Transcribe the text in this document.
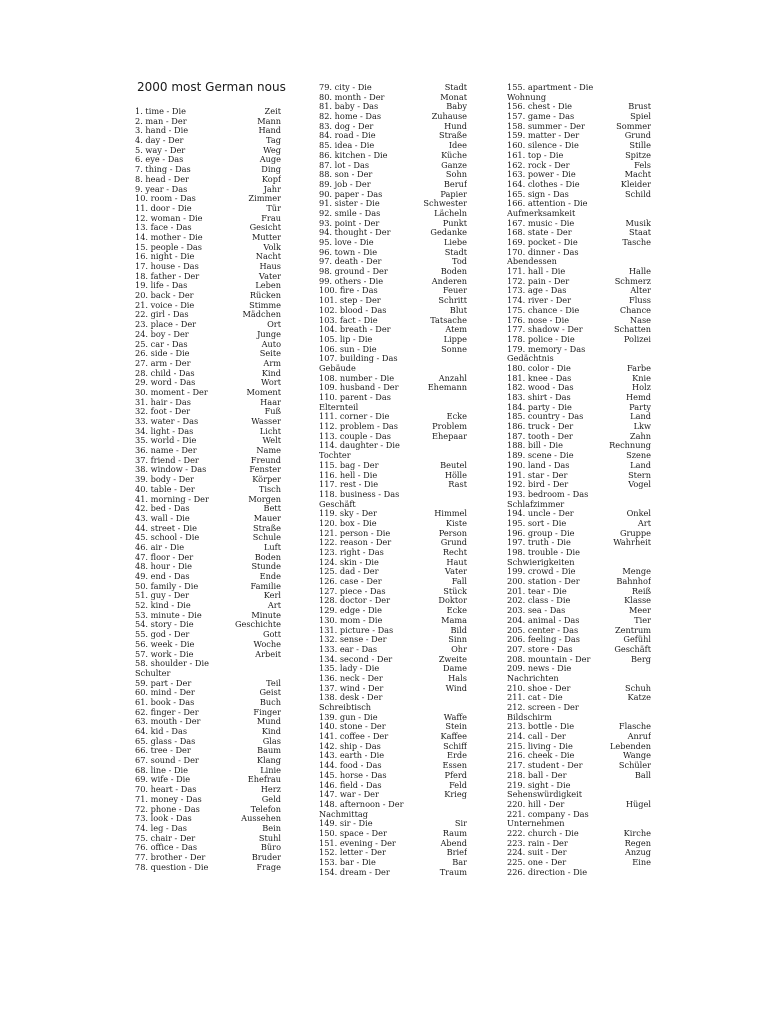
2000 most German nous
1. time - Die	Zeit
2. man - Der	Mann
3. hand - Die	Hand
4. day - Der	Tag
5. way - Der	Weg
6. eye - Das	Auge
7. thing - Das	Ding
8. head - Der	Kopf
9. year - Das	Jahr
10. room - Das	Zimmer
11. door - Die	Tür
12. woman - Die	Frau
13. face - Das	Gesicht
14. mother - Die	Mutter
15. people - Das	Volk
16. night - Die	Nacht
17. house - Das	Haus
18. father - Der	Vater
19. life - Das	Leben
20. back - Der	Rücken
21. voice - Die	Stimme
22. girl - Das	Mädchen
23. place - Der	Ort
24. boy - Der	Junge
25. car - Das	Auto
26. side - Die	Seite
27. arm - Der	Arm
28. child - Das	Kind
29. word - Das	Wort
30. moment - Der	Moment
31. hair - Das	Haar
32. foot - Der	Fuß
33. water - Das	Wasser
34. light - Das	Licht
35. world - Die	Welt
36. name - Der	Name
37. friend - Der	Freund
38. window - Das	Fenster
39. body - Der	Körper
40. table - Der	Tisch
41. morning - Der	Morgen
42. bed - Das	Bett
43. wall - Die	Mauer
44. street - Die	Straße
45. school - Die	Schule
46. air - Die	Luft
47. floor - Der	Boden
48. hour - Die	Stunde
49. end - Das	Ende
50. family - Die	Familie
51. guy - Der	Kerl
52. kind - Die	Art
53. minute - Die	Minute
54. story - Die	Geschichte
55. god - Der	Gott
56. week - Die	Woche
57. work - Die	Arbeit
58. shoulder - Die
Schulter
59. part - Der	Teil
60. mind - Der	Geist
61. book - Das	Buch
62. finger - Der	Finger
63. mouth - Der	Mund
64. kid - Das	Kind
65. glass - Das	Glas
66. tree - Der	Baum
67. sound - Der	Klang
68. line - Die	Linie
69. wife - Die	Ehefrau
70. heart - Das	Herz
71. money - Das	Geld
72. phone - Das	Telefon
73. look - Das	Aussehen
74. leg - Das	Bein
75. chair - Der	Stuhl
76. office - Das	Büro
77. brother - Der	Bruder
78. question - Die	Frage
79. city - Die	Stadt
80. month - Der	Monat
81. baby - Das	Baby
82. home - Das	Zuhause
83. dog - Der	Hund
84. road - Die	Straße
85. idea - Die	Idee
86. kitchen - Die	Küche
87. lot - Das	Ganze
88. son - Der	Sohn
89. job - Der	Beruf
90. paper - Das	Papier
91. sister - Die	Schwester
92. smile - Das	Lächeln
93. point - Der	Punkt
94. thought - Der	Gedanke
95. love - Die	Liebe
96. town - Die	Stadt
97. death - Der	Tod
98. ground - Der	Boden
99. others - Die	Anderen
100. fire - Das	Feuer
101. step - Der	Schritt
102. blood - Das	Blut
103. fact - Die	Tatsache
104. breath - Der	Atem
105. lip - Die	Lippe
106. sun - Die	Sonne
107. building - Das
Gebäude
108. number - Die	Anzahl
109. husband - Der	Ehemann
110. parent - Das
Elternteil
111. corner - Die	Ecke
112. problem - Das	Problem
113. couple - Das	Ehepaar
114. daughter - Die
Tochter
115. bag - Der	Beutel
116. hell - Die	Hölle
117. rest - Die	Rast
118. business - Das
Geschäft
119. sky - Der	Himmel
120. box - Die	Kiste
121. person - Die	Person
122. reason - Der	Grund
123. right - Das	Recht
124. skin - Die	Haut
125. dad - Der	Vater
126. case - Der	Fall
127. piece - Das	Stück
128. doctor - Der	Doktor
129. edge - Die	Ecke
130. mom - Die	Mama
131. picture - Das	Bild
132. sense - Der	Sinn
133. ear - Das	Ohr
134. second - Der	Zweite
135. lady - Die	Dame
136. neck - Der	Hals
137. wind - Der	Wind
138. desk - Der
Schreibtisch
139. gun - Die	Waffe
140. stone - Der	Stein
141. coffee - Der	Kaffee
142. ship - Das	Schiff
143. earth - Die	Erde
144. food - Das	Essen
145. horse - Das	Pferd
146. field - Das	Feld
147. war - Der	Krieg
148. afternoon - Der
Nachmittag
149. sir - Die	Sir
150. space - Der	Raum
151. evening - Der	Abend
152. letter - Der	Brief
153. bar - Die	Bar
154. dream - Der	Traum
155. apartment - Die
Wohnung
156. chest - Die	Brust
157. game - Das	Spiel
158. summer - Der	Sommer
159. matter - Der	Grund
160. silence - Die	Stille
161. top - Die	Spitze
162. rock - Der	Fels
163. power - Die	Macht
164. clothes - Die	Kleider
165. sign - Das	Schild
166. attention - Die
Aufmerksamkeit
167. music - Die	Musik
168. state - Der	Staat
169. pocket - Die	Tasche
170. dinner - Das
Abendessen
171. hall - Die	Halle
172. pain - Der	Schmerz
173. age - Das	Alter
174. river - Der	Fluss
175. chance - Die	Chance
176. nose - Die	Nase
177. shadow - Der	Schatten
178. police - Die	Polizei
179. memory - Das
Gedächtnis
180. color - Die	Farbe
181. knee - Das	Knie
182. wood - Das	Holz
183. shirt - Das	Hemd
184. party - Die	Party
185. country - Das	Land
186. truck - Der	Lkw
187. tooth - Der	Zahn
188. bill - Die	Rechnung
189. scene - Die	Szene
190. land - Das	Land
191. star - Der	Stern
192. bird - Der	Vogel
193. bedroom - Das
Schlafzimmer
194. uncle - Der	Onkel
195. sort - Die	Art
196. group - Die	Gruppe
197. truth - Die	Wahrheit
198. trouble - Die
Schwierigkeiten
199. crowd - Die	Menge
200. station - Der	Bahnhof
201. tear - Die	Reiß
202. class - Die	Klasse
203. sea - Das	Meer
204. animal - Das	Tier
205. center - Das	Zentrum
206. feeling - Das	Gefühl
207. store - Das	Geschäft
208. mountain - Der	Berg
209. news - Die
Nachrichten
210. shoe - Der	Schuh
211. cat - Die	Katze
212. screen - Der
Bildschirm
213. bottle - Die	Flasche
214. call - Der	Anruf
215. living - Die	Lebenden
216. cheek - Die	Wange
217. student - Der	Schüler
218. ball - Der	Ball
219. sight - Die
Sehenswürdigkeit
220. hill - Der	Hügel
221. company - Das
Unternehmen
222. church - Die	Kirche
223. rain - Der	Regen
224. suit - Der	Anzug
225. one - Der	Eine
226. direction - Die
